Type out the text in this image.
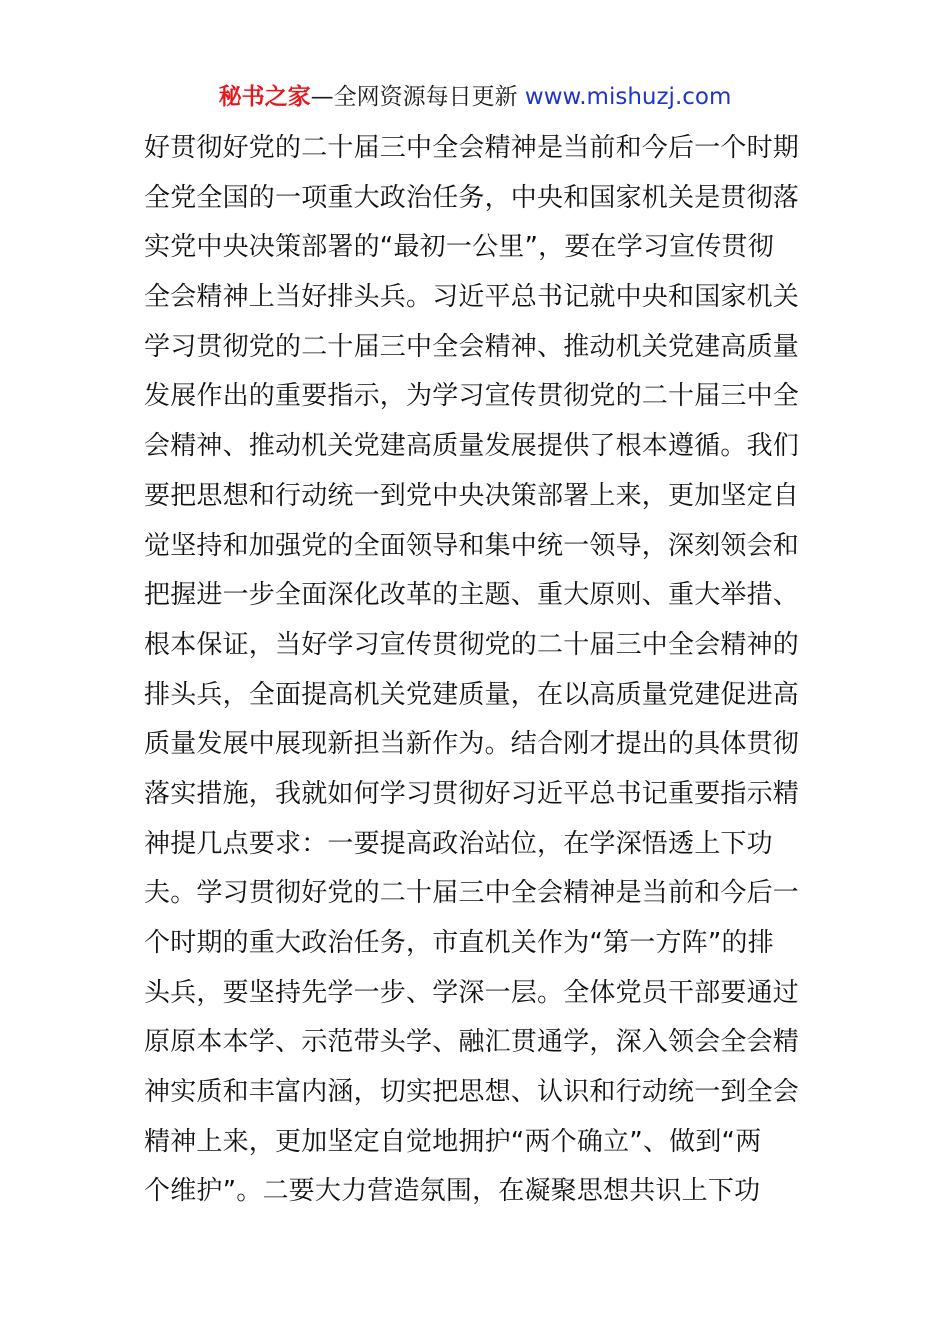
秘书之家—全网资源每日更新 www.mishuzj.com
好贯彻好党的二十届三中全会精神是当前和今后一个时期
全党全国的一项重大政治任务，中央和国家机关是贯彻落
实党中央决策部署的“最初一公里”，要在学习宣传贯彻
全会精神上当好排头兵。习近平总书记就中央和国家机关
学习贯彻党的二十届三中全会精神、推动机关党建高质量
发展作出的重要指示，为学习宣传贯彻党的二十届三中全
会精神、推动机关党建高质量发展提供了根本遵循。我们
要把思想和行动统一到党中央决策部署上来，更加坚定自
觉坚持和加强党的全面领导和集中统一领导，深刻领会和
把握进一步全面深化改革的主题、重大原则、重大举措、
根本保证，当好学习宣传贯彻党的二十届三中全会精神的
排头兵，全面提高机关党建质量，在以高质量党建促进高
质量发展中展现新担当新作为。结合刚才提出的具体贯彻
落实措施，我就如何学习贯彻好习近平总书记重要指示精
神提几点要求：一要提高政治站位，在学深悟透上下功
夫。学习贯彻好党的二十届三中全会精神是当前和今后一
个时期的重大政治任务，市直机关作为“第一方阵”的排
头兵，要坚持先学一步、学深一层。全体党员干部要通过
原原本本学、示范带头学、融汇贯通学，深入领会全会精
神实质和丰富内涵，切实把思想、认识和行动统一到全会
精神上来，更加坚定自觉地拥护“两个确立”、做到“两
个维护”。二要大力营造氛围，在凝聚思想共识上下功
